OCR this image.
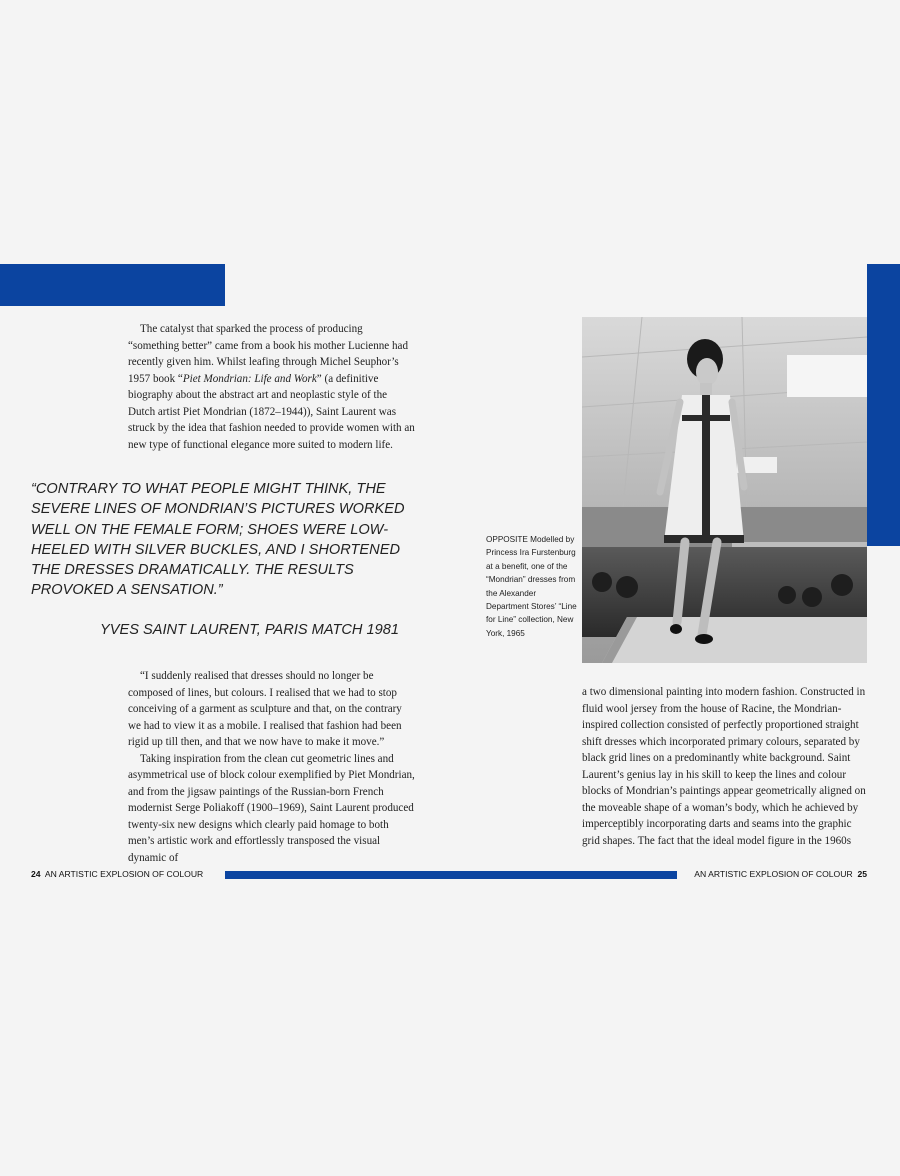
The catalyst that sparked the process of producing “something better” came from a book his mother Lucienne had recently given him. Whilst leafing through Michel Seuphor’s 1957 book “Piet Mondrian: Life and Work” (a definitive biography about the abstract art and neoplastic style of the Dutch artist Piet Mondrian (1872–1944)), Saint Laurent was struck by the idea that fashion needed to provide women with an new type of functional elegance more suited to modern life.

“CONTRARY TO WHAT PEOPLE MIGHT THINK, THE SEVERE LINES OF MONDRIAN’S PICTURES WORKED WELL ON THE FEMALE FORM; SHOES WERE LOW-HEELED WITH SILVER BUCKLES, AND I SHORTENED THE DRESSES DRAMATICALLY. THE RESULTS PROVOKED A SENSATION.”

YVES SAINT LAURENT, PARIS MATCH 1981

“I suddenly realised that dresses should no longer be composed of lines, but colours. I realised that we had to stop conceiving of a garment as sculpture and that, on the contrary we had to view it as a mobile. I realised that fashion had been rigid up till then, and that we now have to make it move.”

Taking inspiration from the clean cut geometric lines and asymmetrical use of block colour exemplified by Piet Mondrian, and from the jigsaw paintings of the Russian-born French modernist Serge Poliakoff (1900–1969), Saint Laurent produced twenty-six new designs which clearly paid homage to both men’s artistic work and effortlessly transposed the visual dynamic of

OPPOSITE Modelled by Princess Ira Furstenburg at a benefit, one of the “Mondrian” dresses from the Alexander Department Stores’ “Line for Line” collection, New York, 1965

a two dimensional painting into modern fashion. Constructed in fluid wool jersey from the house of Racine, the Mondrian-inspired collection consisted of perfectly proportioned straight shift dresses which incorporated primary colours, separated by black grid lines on a predominantly white background. Saint Laurent’s genius lay in his skill to keep the lines and colour blocks of Mondrian’s paintings appear geometrically aligned on the moveable shape of a woman’s body, which he achieved by imperceptibly incorporating darts and seams into the graphic grid shapes. The fact that the ideal model figure in the 1960s

24 AN ARTISTIC EXPLOSION OF COLOUR	AN ARTISTIC EXPLOSION OF COLOUR 25
